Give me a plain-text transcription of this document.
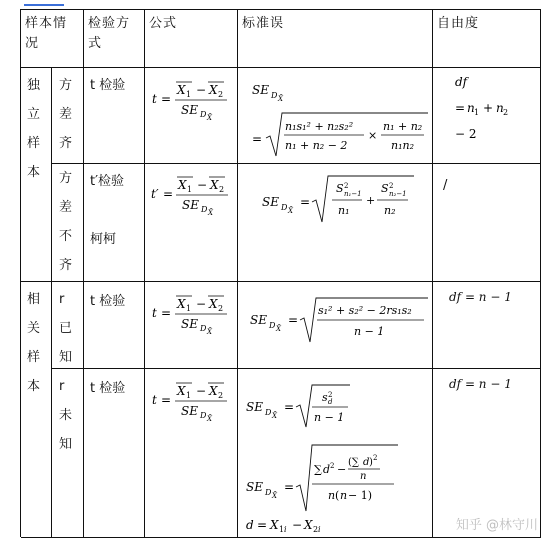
样本情况
检验方式
公式	标准误	自由度
独立样本
方差齐
t 检验
t =
X 1 − X 2
SE D X̄
SE D X̄
=
n₁s₁² + n₂s₂²
n₁ + n₂ − 2
×
n₁ + n₂
n₁n₂
df
= n 1 + n 2
− 2
方差不齐
t′检验
柯柯
t′ =
X 1 − X 2
SE D X̄
SE D X̄
=
S 2
n₁−1
n₁
+
S 2
n₂−1
n₂
/
相关样本
r 已知
t 检验
t =
X 1 − X 2
SE D X̄
SE D X̄
=
s₁² + s₂² − 2rs₁s₂
n − 1
df = n − 1
r 未知
t 检验
t =
X 1 − X 2
SE D X̄
SE D X̄
=
s 2
d
n − 1
SE D X̄
=
∑ d 2 −
(∑ d ) 2
n
n ( n − 1)
d = X 1 i − X 2 i
df = n − 1
知乎 @林守川
